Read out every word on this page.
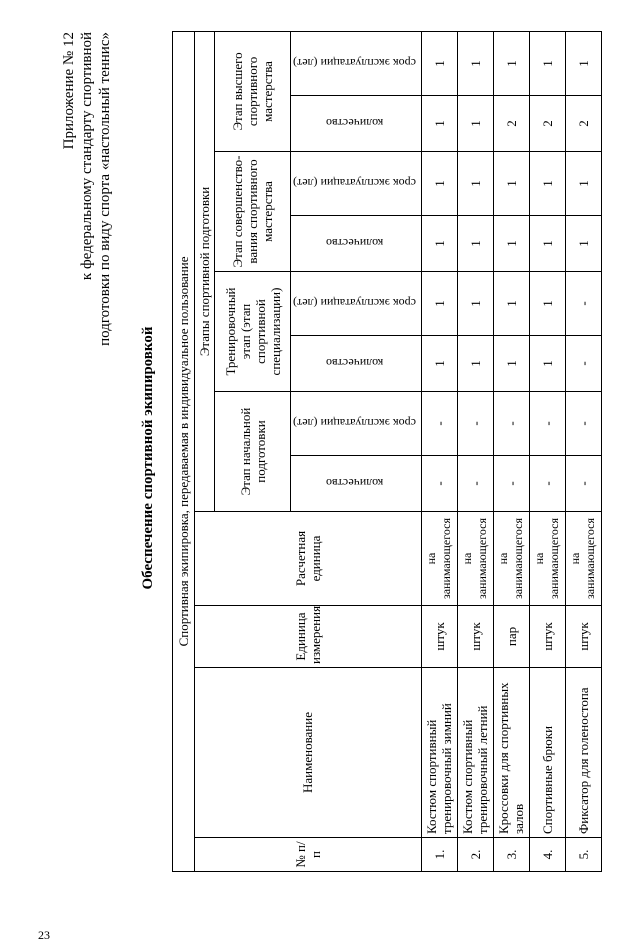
23
Приложение № 12 к федеральному стандарту спортивной подготовки по виду спорта «настольный теннис»
Обеспечение спортивной экипировкой Спортивная экипировка, передаваемая в индивидуальное пользование											
№ п/п	Наименование	Единица измерения	Расчетная единица	Этапы спортивной подготовки							
				Этап начальной подготовки		Тренировочный этап (этап спортивной специализации)		Этап совершенство-вания спортивного мастерства		Этап высшего спортивного мастерства	
				количество	срок эксплуатации (лет)	количество	срок эксплуатации (лет)	количество	срок эксплуатации (лет)	количество	срок эксплуатации (лет)
1.	Костюм спортивный тренировочный зимний	штук	на занимающегося	-	-	1	1	1	1	1	1
2.	Костюм спортивный тренировочный летний	штук	на занимающегося	-	-	1	1	1	1	1	1
3.	Кроссовки для спортивных залов	пар	на занимающегося	-	-	1	1	1	1	2	1
4.	Спортивные брюки	штук	на занимающегося	-	-	1	1	1	1	2	1
5.	Фиксатор для голеностопа	штук	на занимающегося	-	-	-	-	1	1	2	1
